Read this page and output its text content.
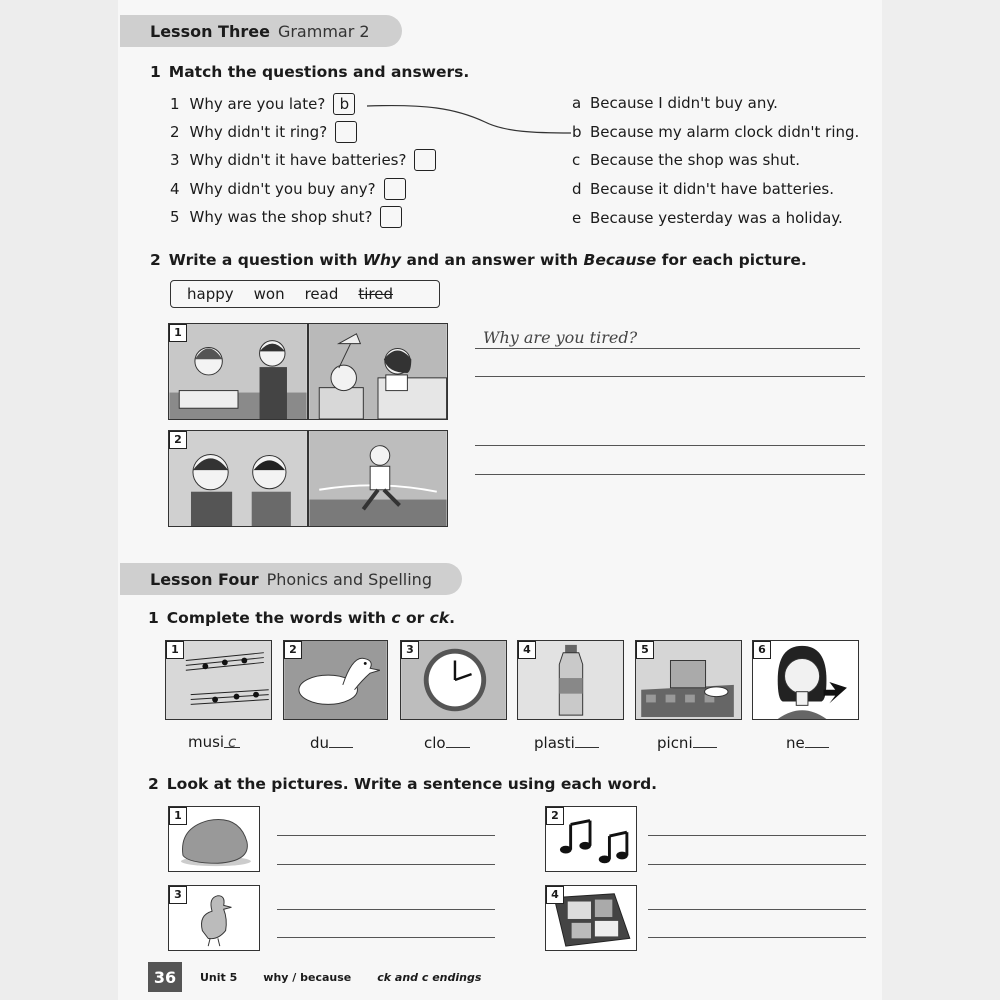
Lesson Three Grammar 2
1 Match the questions and answers.
1 Why are you late? b
2 Why didn't it ring?
3 Why didn't it have batteries?
4 Why didn't you buy any?
5 Why was the shop shut?
a Because I didn't buy any.
b Because my alarm clock didn't ring.
c Because the shop was shut.
d Because it didn't have batteries.
e Because yesterday was a holiday.
2 Write a question with Why and an answer with Because for each picture.
happy won read tired
1
2
Why are you tired?
Lesson Four Phonics and Spelling
1 Complete the words with c or ck.
1	2	3	4	5	6
musi c	du	clo	plasti	picni	ne
2 Look at the pictures. Write a sentence using each word.
1
3
2
4
36	Unit 5 why / because ck and c endings
